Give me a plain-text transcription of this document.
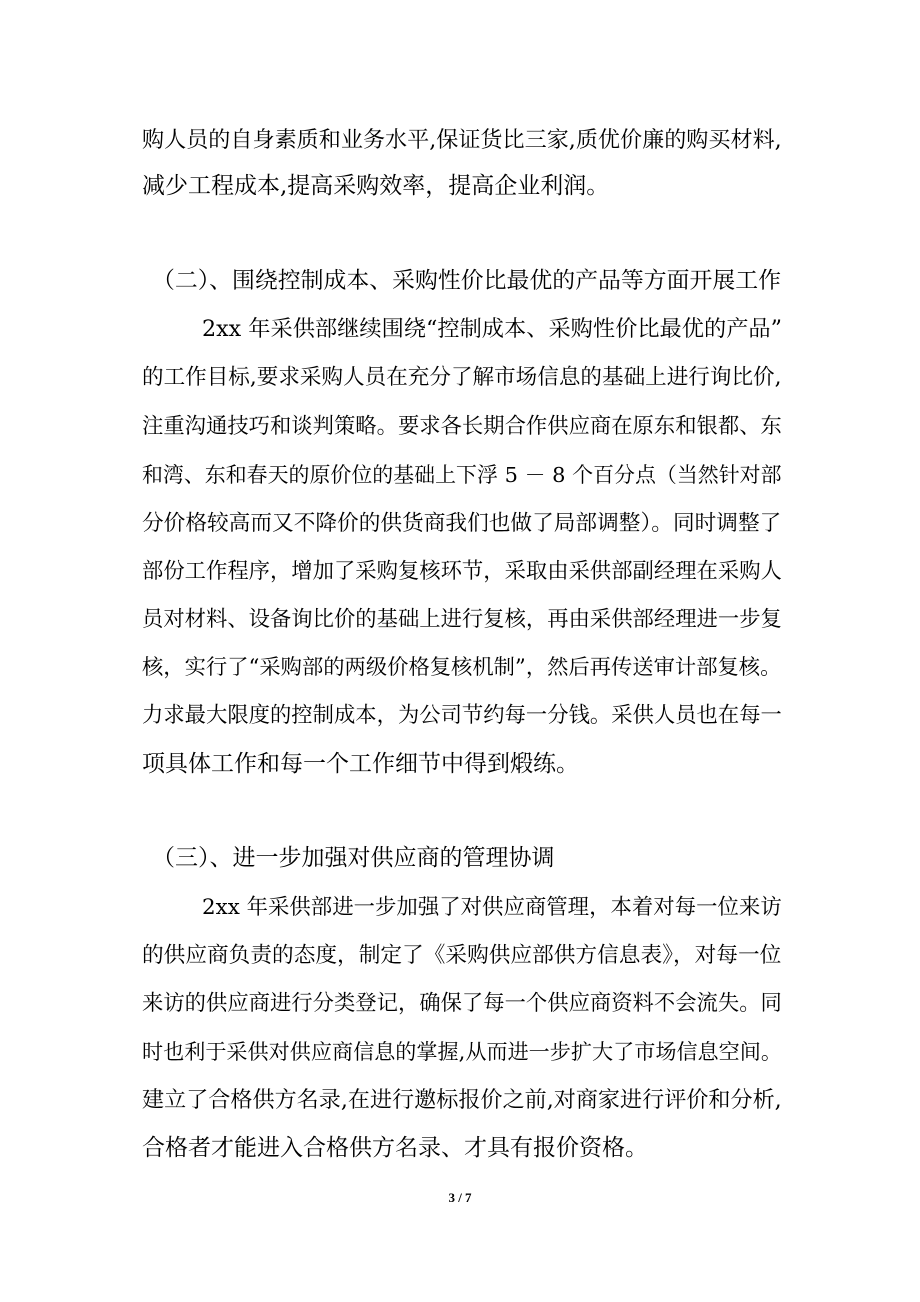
购人员的自身素质和业务水平,保证货比三家,质优价廉的购买材料,
减少工程成本,提高采购效率，提高企业利润。
（二）、围绕控制成本、采购性价比最优的产品等方面开展工作
2xx 年采供部继续围绕“控制成本、采购性价比最优的产品”
的工作目标,要求采购人员在充分了解市场信息的基础上进行询比价,
注重沟通技巧和谈判策略。要求各长期合作供应商在原东和银都、东
和湾、东和春天的原价位的基础上下浮 5 － 8 个百分点（当然针对部
分价格较高而又不降价的供货商我们也做了局部调整）。同时调整了
部份工作程序，增加了采购复核环节，采取由采供部副经理在采购人
员对材料、设备询比价的基础上进行复核，再由采供部经理进一步复
核，实行了“采购部的两级价格复核机制”，然后再传送审计部复核。
力求最大限度的控制成本，为公司节约每一分钱。采供人员也在每一
项具体工作和每一个工作细节中得到煅练。
（三）、进一步加强对供应商的管理协调
2xx 年采供部进一步加强了对供应商管理，本着对每一位来访
的供应商负责的态度，制定了《采购供应部供方信息表》，对每一位
来访的供应商进行分类登记，确保了每一个供应商资料不会流失。同
时也利于采供对供应商信息的掌握,从而进一步扩大了市场信息空间。
建立了合格供方名录,在进行邀标报价之前,对商家进行评价和分析,
合格者才能进入合格供方名录、才具有报价资格。
3 / 7
